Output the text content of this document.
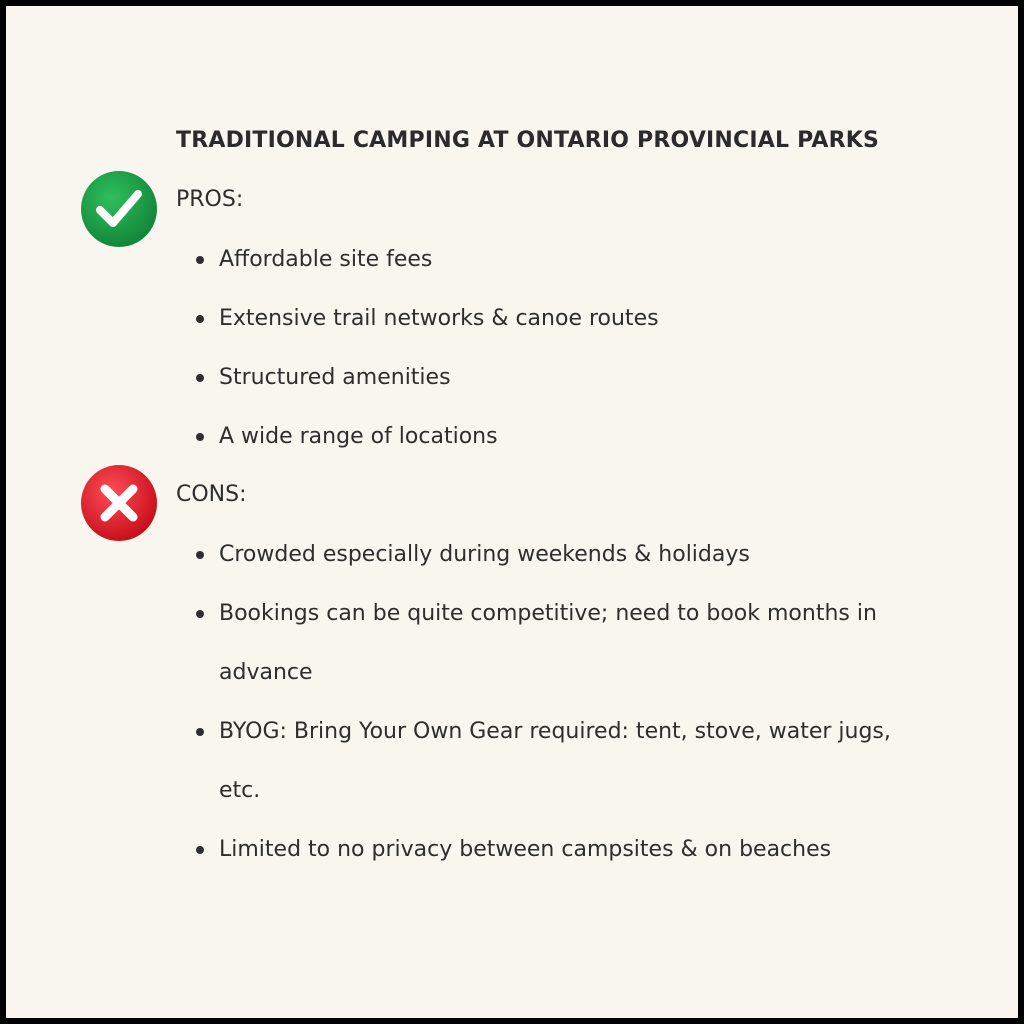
TRADITIONAL CAMPING AT ONTARIO PROVINCIAL PARKS
PROS:
Affordable site fees
Extensive trail networks & canoe routes
Structured amenities
A wide range of locations
CONS:
Crowded especially during weekends & holidays
Bookings can be quite competitive; need to book months in advance
BYOG: Bring Your Own Gear required: tent, stove, water jugs, etc.
Limited to no privacy between campsites & on beaches
